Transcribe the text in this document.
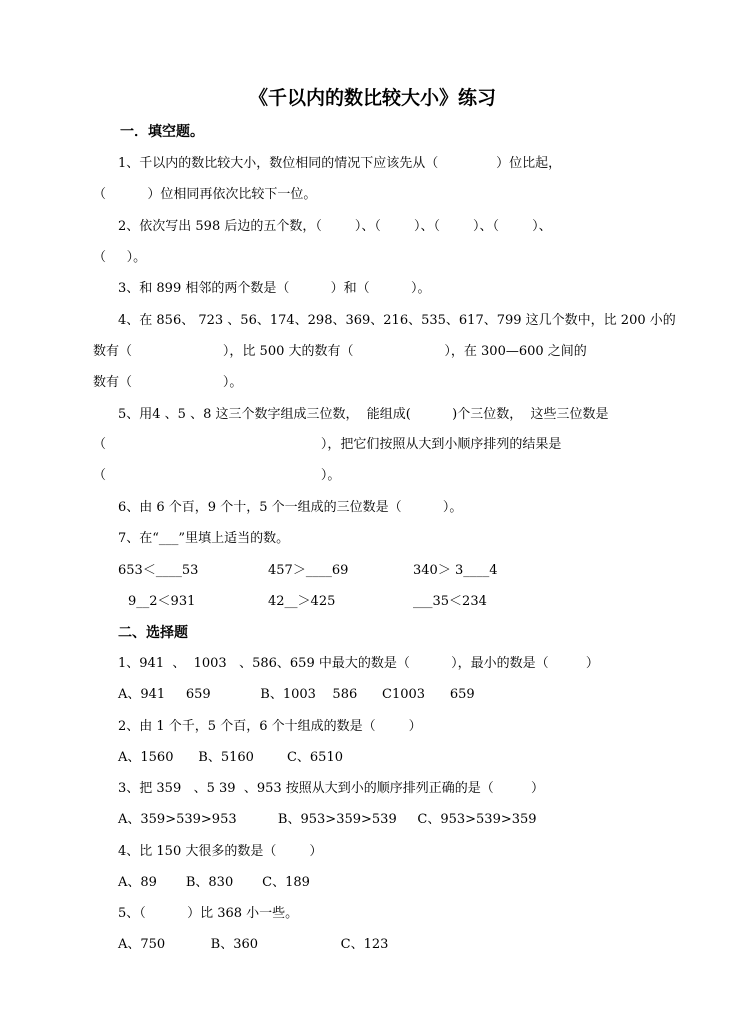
《千以内的数比较大小》练习
一．填空题。
1、千以内的数比较大小，数位相同的情况下应该先从（              ）位比起，
（          ）位相同再依次比较下一位。
2、依次写出 598 后边的五个数，（        ）、（        ）、（        ）、（        ）、
（     ）。
3、和 899 相邻的两个数是（          ）和（          ）。
4、在 856、 723 、56、174、298、369、216、535、617、799 这几个数中，比 200 小的
数有（                      ），比 500 大的数有（                      ），在 300—600 之间的
数有（                      ）。
5、用4 、5 、8 这三个数字组成三位数，  能组成(          )个三位数，  这些三位数是
（                                                    ），把它们按照从大到小顺序排列的结果是
（                                                    ）。
6、由 6 个百，9 个十，5 个一组成的三位数是（          ）。
7、在“___”里填上适当的数。
653＜____53	457＞____69	340＞ 3____4
9__2＜931	42__＞425	___35＜234
二、选择题
1、941  、  1003   、586、659 中最大的数是（          ），最小的数是（         ）
A、941     659            B、1003    586      C1003      659
2、由 1 个千，5 个百，6 个十组成的数是（        ）
A、1560      B、5160        C、6510
3、把 359   、5 39  、953 按照从大到小的顺序排列正确的是（         ）
A、359>539>953          B、953>359>539     C、953>539>359
4、比 150 大很多的数是（        ）
A、89       B、830       C、189
5、（          ）比 368 小一些。
A、750           B、360                    C、123
